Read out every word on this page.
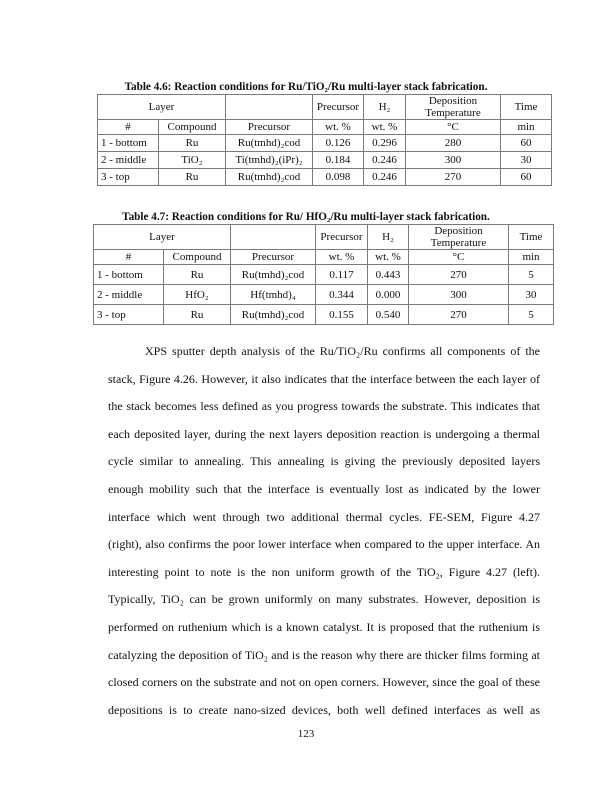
Table 4.6: Reaction conditions for Ru/TiO₂/Ru multi-layer stack fabrication.
Layer			Precursor	H₂	Deposition Temperature	Time
#	Compound	Precursor	wt. %	wt. %	°C	min
1 - bottom	Ru	Ru(tmhd)₂cod	0.126	0.296	280	60
2 - middle	TiO₂	Ti(tmhd)₂(iPr)₂	0.184	0.246	300	30
3 - top	Ru	Ru(tmhd)₂cod	0.098	0.246	270	60
Table 4.7: Reaction conditions for Ru/ HfO₂/Ru multi-layer stack fabrication.
Layer			Precursor	H₂	Deposition Temperature	Time
#	Compound	Precursor	wt. %	wt. %	°C	min
1 - bottom	Ru	Ru(tmhd)₂cod	0.117	0.443	270	5
2 - middle	HfO₂	Hf(tmhd)₄	0.344	0.000	300	30
3 - top	Ru	Ru(tmhd)₂cod	0.155	0.540	270	5
XPS sputter depth analysis of the Ru/TiO₂/Ru confirms all components of the
stack, Figure 4.26. However, it also indicates that the interface between the each layer of
the stack becomes less defined as you progress towards the substrate. This indicates that
each deposited layer, during the next layers deposition reaction is undergoing a thermal
cycle similar to annealing. This annealing is giving the previously deposited layers
enough mobility such that the interface is eventually lost as indicated by the lower
interface which went through two additional thermal cycles. FE-SEM, Figure 4.27
(right), also confirms the poor lower interface when compared to the upper interface. An
interesting point to note is the non uniform growth of the TiO₂, Figure 4.27 (left).
Typically, TiO₂ can be grown uniformly on many substrates. However, deposition is
performed on ruthenium which is a known catalyst. It is proposed that the ruthenium is
catalyzing the deposition of TiO₂ and is the reason why there are thicker films forming at
closed corners on the substrate and not on open corners. However, since the goal of these
depositions is to create nano-sized devices, both well defined interfaces as well as
123
